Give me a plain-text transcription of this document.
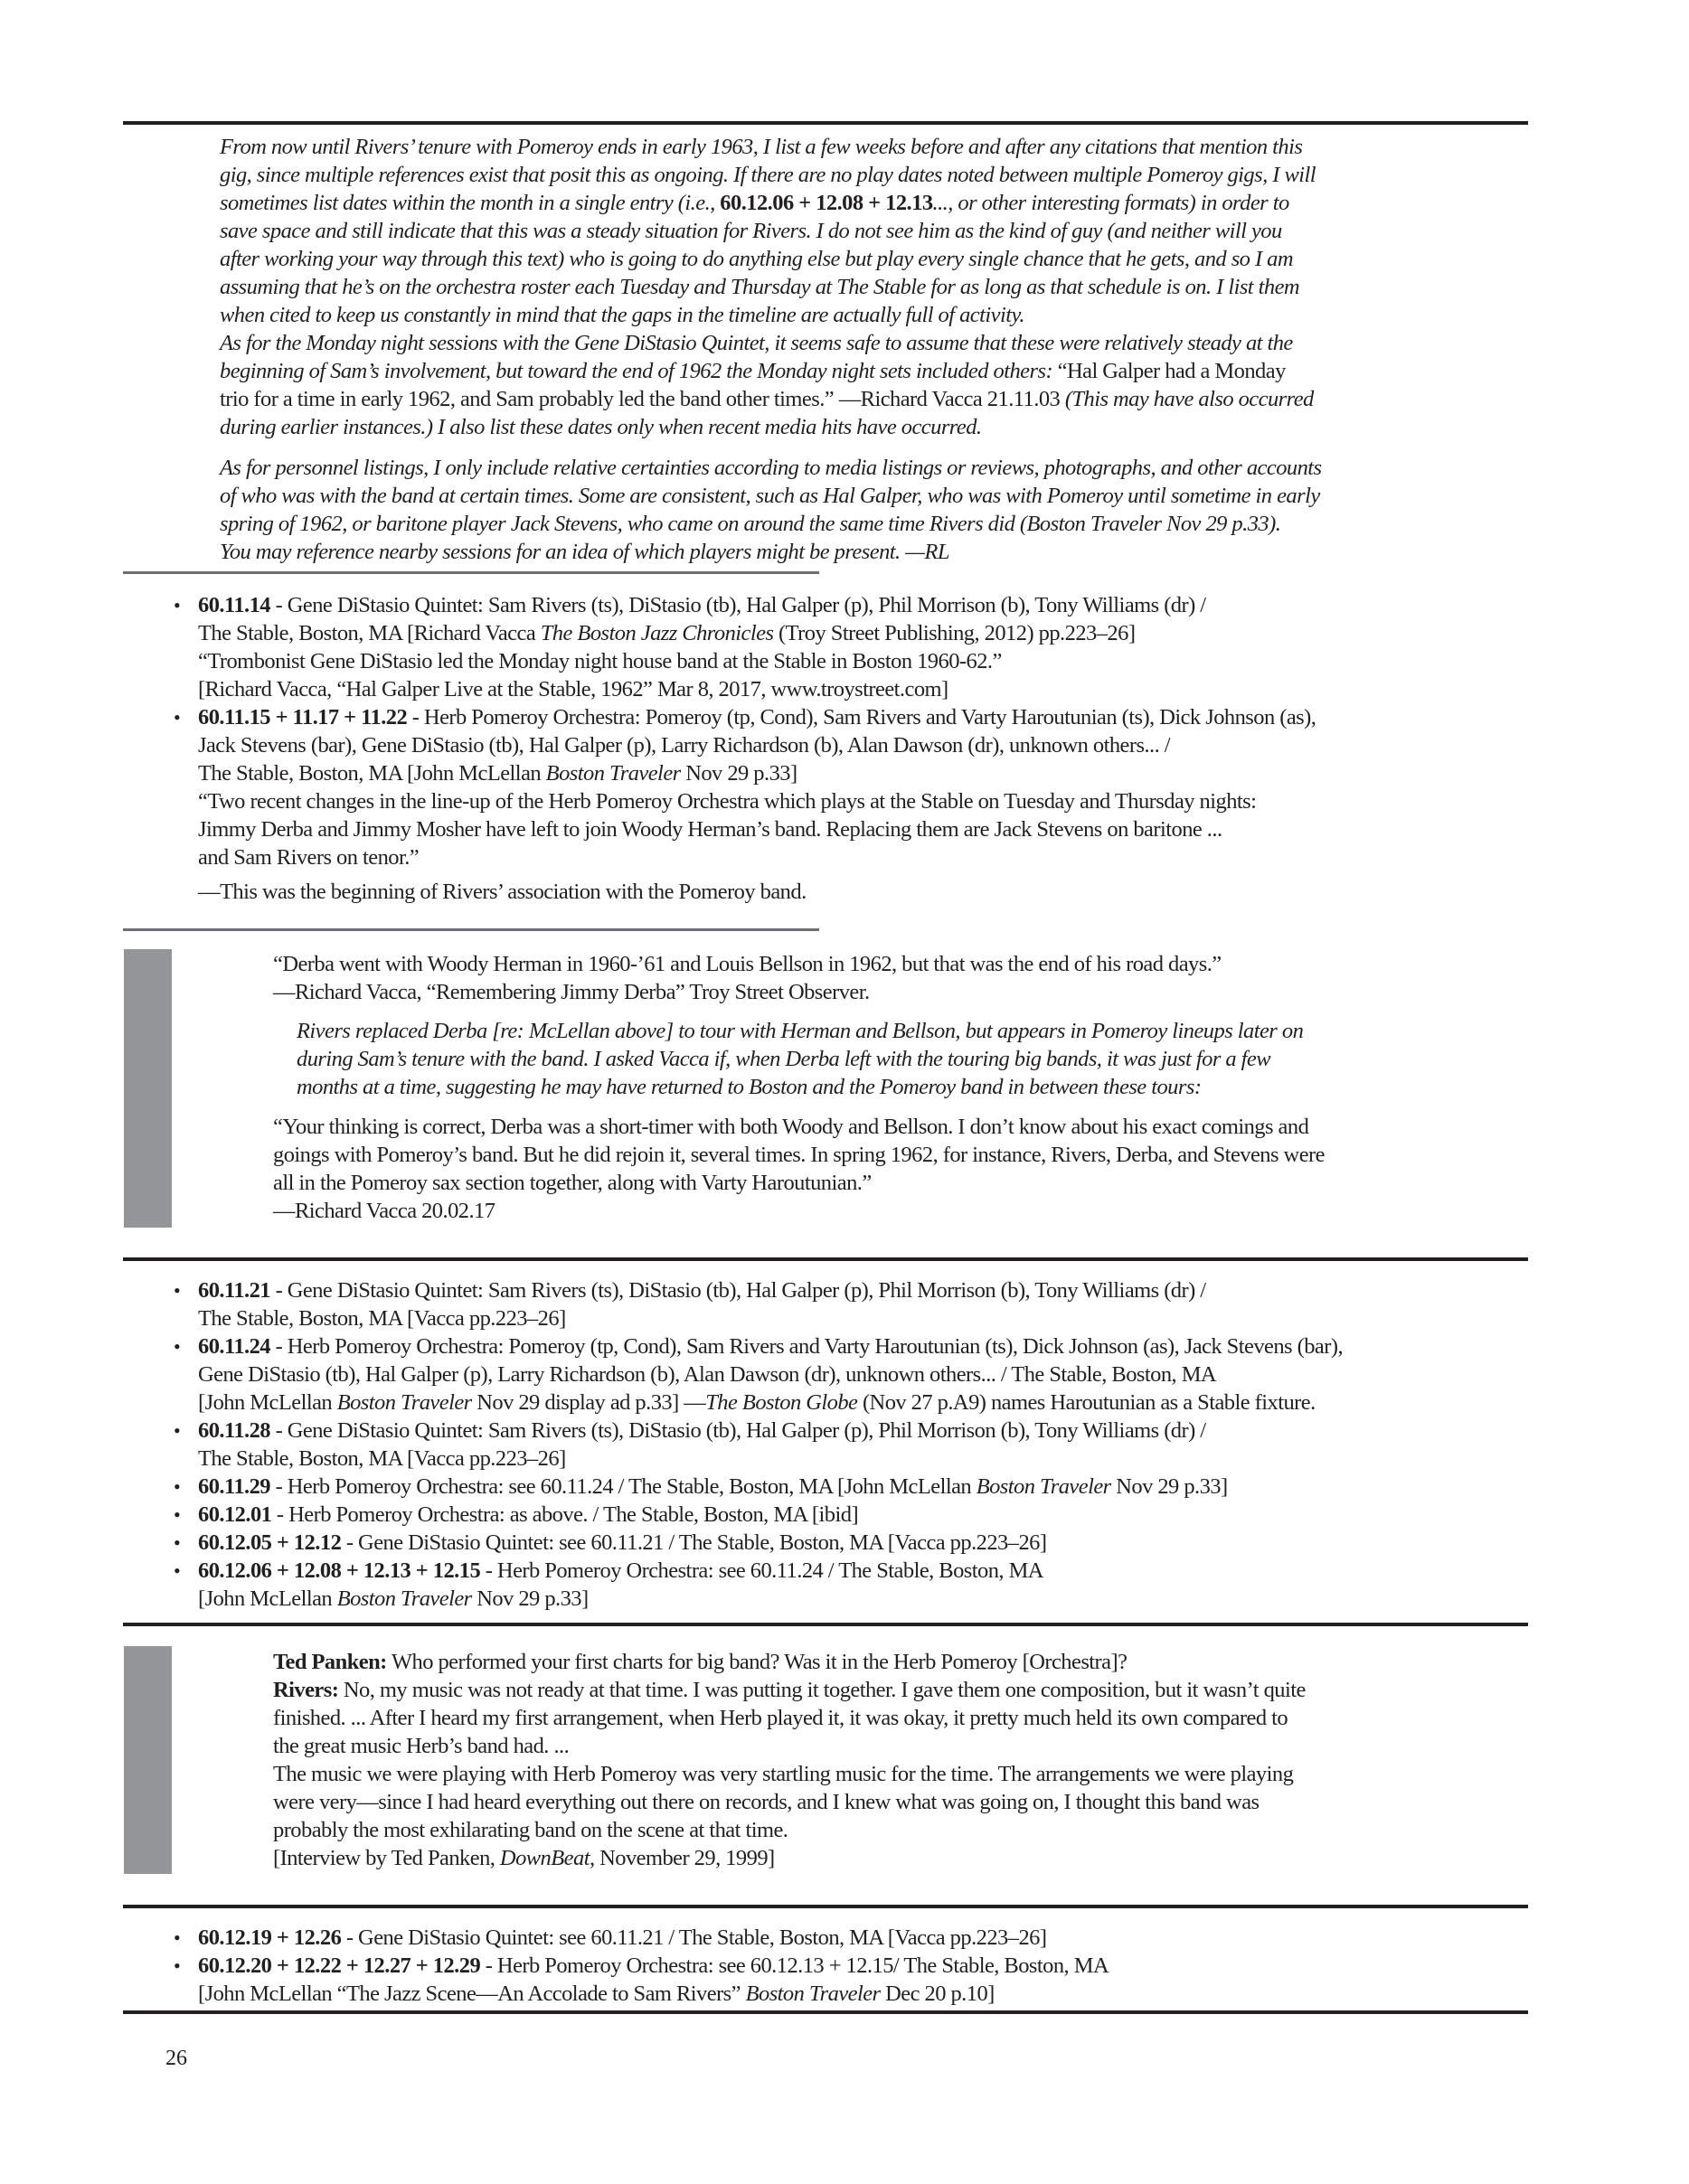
From now until Rivers’ tenure with Pomeroy ends in early 1963, I list a few weeks before and after any citations that mention this
gig, since multiple references exist that posit this as ongoing. If there are no play dates noted between multiple Pomeroy gigs, I will
sometimes list dates within the month in a single entry (i.e., 60.12.06 + 12.08 + 12.13..., or other interesting formats) in order to
save space and still indicate that this was a steady situation for Rivers. I do not see him as the kind of guy (and neither will you
after working your way through this text) who is going to do anything else but play every single chance that he gets, and so I am
assuming that he’s on the orchestra roster each Tuesday and Thursday at The Stable for as long as that schedule is on. I list them
when cited to keep us constantly in mind that the gaps in the timeline are actually full of activity.
As for the Monday night sessions with the Gene DiStasio Quintet, it seems safe to assume that these were relatively steady at the
beginning of Sam’s involvement, but toward the end of 1962 the Monday night sets included others: “Hal Galper had a Monday
trio for a time in early 1962, and Sam probably led the band other times.” —Richard Vacca 21.11.03 (This may have also occurred
during earlier instances.) I also list these dates only when recent media hits have occurred.
As for personnel listings, I only include relative certainties according to media listings or reviews, photographs, and other accounts
of who was with the band at certain times. Some are consistent, such as Hal Galper, who was with Pomeroy until sometime in early
spring of 1962, or baritone player Jack Stevens, who came on around the same time Rivers did (Boston Traveler Nov 29 p.33).
You may reference nearby sessions for an idea of which players might be present. —RL
• 60.11.14 - Gene DiStasio Quintet: Sam Rivers (ts), DiStasio (tb), Hal Galper (p), Phil Morrison (b), Tony Williams (dr) /
The Stable, Boston, MA [Richard Vacca The Boston Jazz Chronicles (Troy Street Publishing, 2012) pp.223–26]
“Trombonist Gene DiStasio led the Monday night house band at the Stable in Boston 1960-62.”
[Richard Vacca, “Hal Galper Live at the Stable, 1962” Mar 8, 2017, www.troystreet.com]
• 60.11.15 + 11.17 + 11.22 - Herb Pomeroy Orchestra: Pomeroy (tp, Cond), Sam Rivers and Varty Haroutunian (ts), Dick Johnson (as),
Jack Stevens (bar), Gene DiStasio (tb), Hal Galper (p), Larry Richardson (b), Alan Dawson (dr), unknown others... /
The Stable, Boston, MA [John McLellan Boston Traveler Nov 29 p.33]
“Two recent changes in the line-up of the Herb Pomeroy Orchestra which plays at the Stable on Tuesday and Thursday nights:
Jimmy Derba and Jimmy Mosher have left to join Woody Herman’s band. Replacing them are Jack Stevens on baritone ...
and Sam Rivers on tenor.”
—This was the beginning of Rivers’ association with the Pomeroy band.
“Derba went with Woody Herman in 1960-’61 and Louis Bellson in 1962, but that was the end of his road days.”
—Richard Vacca, “Remembering Jimmy Derba” Troy Street Observer.
Rivers replaced Derba [re: McLellan above] to tour with Herman and Bellson, but appears in Pomeroy lineups later on
during Sam’s tenure with the band. I asked Vacca if, when Derba left with the touring big bands, it was just for a few
months at a time, suggesting he may have returned to Boston and the Pomeroy band in between these tours:
“Your thinking is correct, Derba was a short-timer with both Woody and Bellson. I don’t know about his exact comings and
goings with Pomeroy’s band. But he did rejoin it, several times. In spring 1962, for instance, Rivers, Derba, and Stevens were
all in the Pomeroy sax section together, along with Varty Haroutunian.”
—Richard Vacca 20.02.17
• 60.11.21 - Gene DiStasio Quintet: Sam Rivers (ts), DiStasio (tb), Hal Galper (p), Phil Morrison (b), Tony Williams (dr) /
The Stable, Boston, MA [Vacca pp.223–26]
• 60.11.24 - Herb Pomeroy Orchestra: Pomeroy (tp, Cond), Sam Rivers and Varty Haroutunian (ts), Dick Johnson (as), Jack Stevens (bar),
Gene DiStasio (tb), Hal Galper (p), Larry Richardson (b), Alan Dawson (dr), unknown others... / The Stable, Boston, MA
[John McLellan Boston Traveler Nov 29 display ad p.33] —The Boston Globe (Nov 27 p.A9) names Haroutunian as a Stable fixture.
• 60.11.28 - Gene DiStasio Quintet: Sam Rivers (ts), DiStasio (tb), Hal Galper (p), Phil Morrison (b), Tony Williams (dr) /
The Stable, Boston, MA [Vacca pp.223–26]
• 60.11.29 - Herb Pomeroy Orchestra: see 60.11.24 / The Stable, Boston, MA [John McLellan Boston Traveler Nov 29 p.33]
• 60.12.01 - Herb Pomeroy Orchestra: as above. / The Stable, Boston, MA [ibid]
• 60.12.05 + 12.12 - Gene DiStasio Quintet: see 60.11.21 / The Stable, Boston, MA [Vacca pp.223–26]
• 60.12.06 + 12.08 + 12.13 + 12.15 - Herb Pomeroy Orchestra: see 60.11.24 / The Stable, Boston, MA
[John McLellan Boston Traveler Nov 29 p.33]
Ted Panken: Who performed your first charts for big band? Was it in the Herb Pomeroy [Orchestra]?
Rivers: No, my music was not ready at that time. I was putting it together. I gave them one composition, but it wasn’t quite
finished. ... After I heard my first arrangement, when Herb played it, it was okay, it pretty much held its own compared to
the great music Herb’s band had. ...
The music we were playing with Herb Pomeroy was very startling music for the time. The arrangements we were playing
were very—since I had heard everything out there on records, and I knew what was going on, I thought this band was
probably the most exhilarating band on the scene at that time.
[Interview by Ted Panken, DownBeat, November 29, 1999]
• 60.12.19 + 12.26 - Gene DiStasio Quintet: see 60.11.21 / The Stable, Boston, MA [Vacca pp.223–26]
• 60.12.20 + 12.22 + 12.27 + 12.29 - Herb Pomeroy Orchestra: see 60.12.13 + 12.15/ The Stable, Boston, MA
[John McLellan “The Jazz Scene—An Accolade to Sam Rivers” Boston Traveler Dec 20 p.10]
26
